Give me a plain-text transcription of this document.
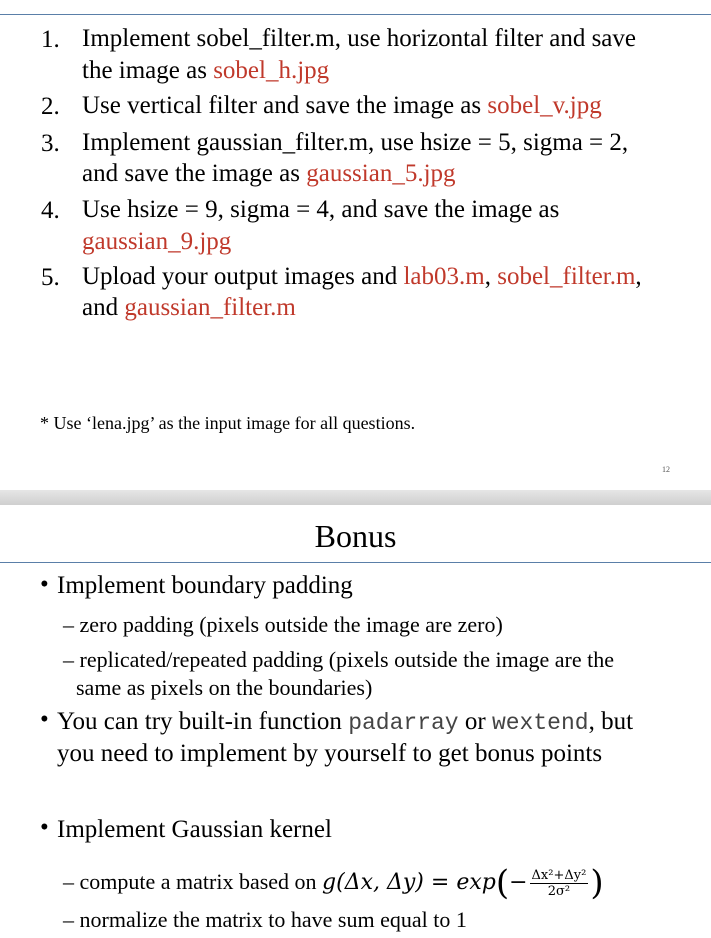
1. Implement sobel_filter.m, use horizontal filter and save
the image as sobel_h.jpg
2. Use vertical filter and save the image as sobel_v.jpg
3. Implement gaussian_filter.m, use hsize = 5, sigma = 2,
and save the image as gaussian_5.jpg
4. Use hsize = 9, sigma = 4, and save the image as
gaussian_9.jpg
5. Upload your output images and lab03.m, sobel_filter.m,
and gaussian_filter.m
* Use ‘lena.jpg’ as the input image for all questions.
12
Bonus
• Implement boundary padding
– zero padding (pixels outside the image are zero)
– replicated/repeated padding (pixels outside the image are the
same as pixels on the boundaries)
• You can try built-in function padarray or wextend, but
you need to implement by yourself to get bonus points
• Implement Gaussian kernel
– compute a matrix based on g(Δx, $\Delta y) = \exp(- \frac{\text{Δx²+Δy²}}{\text{2σ²}}$ )
– normalize the matrix to have sum equal to 1
